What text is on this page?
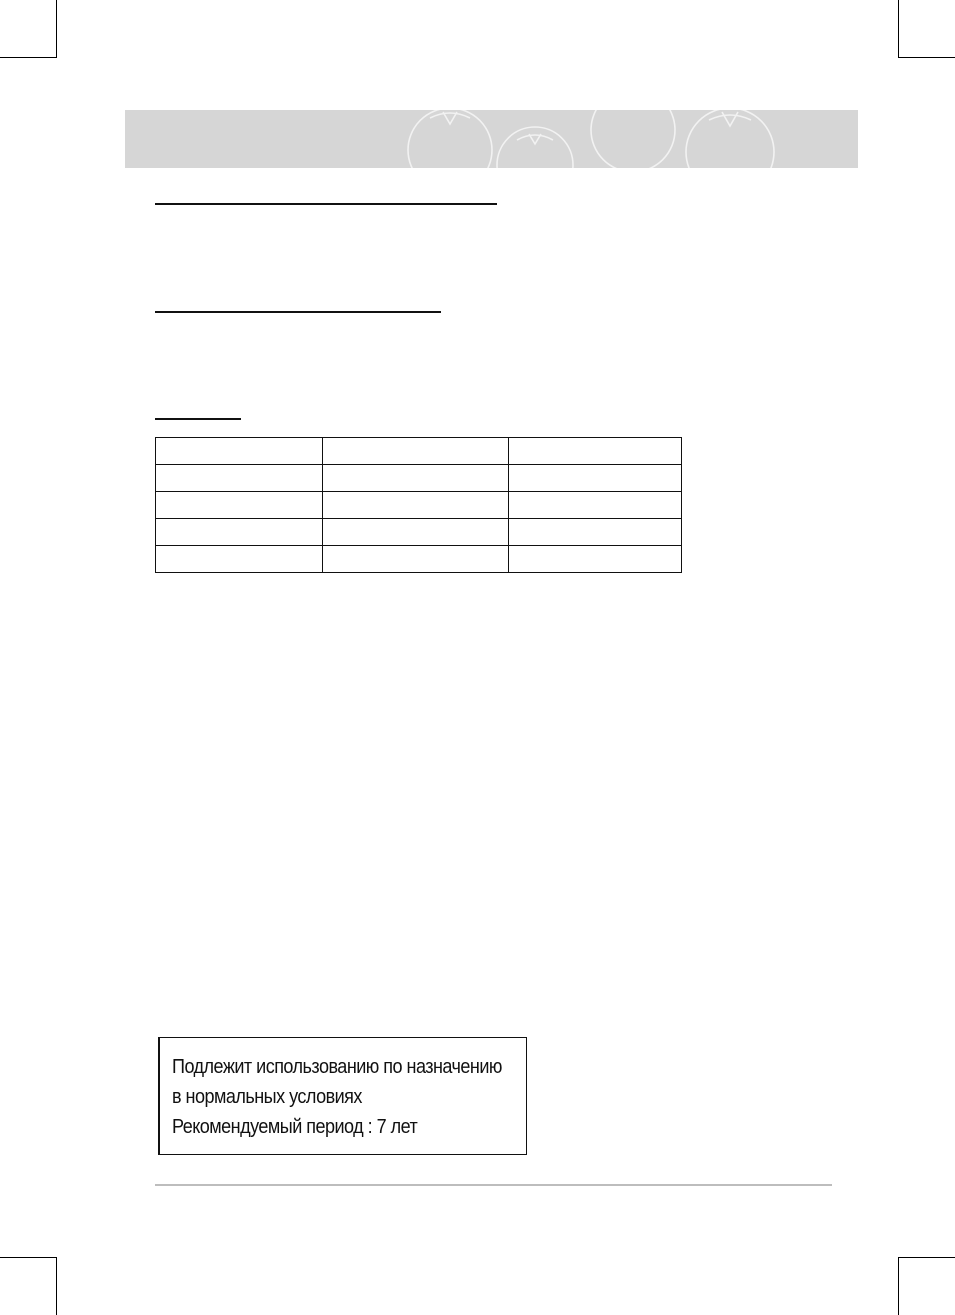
Подлежит использованию по назначению
в нормальных условиях
Рекомендуемый период : 7 лет
